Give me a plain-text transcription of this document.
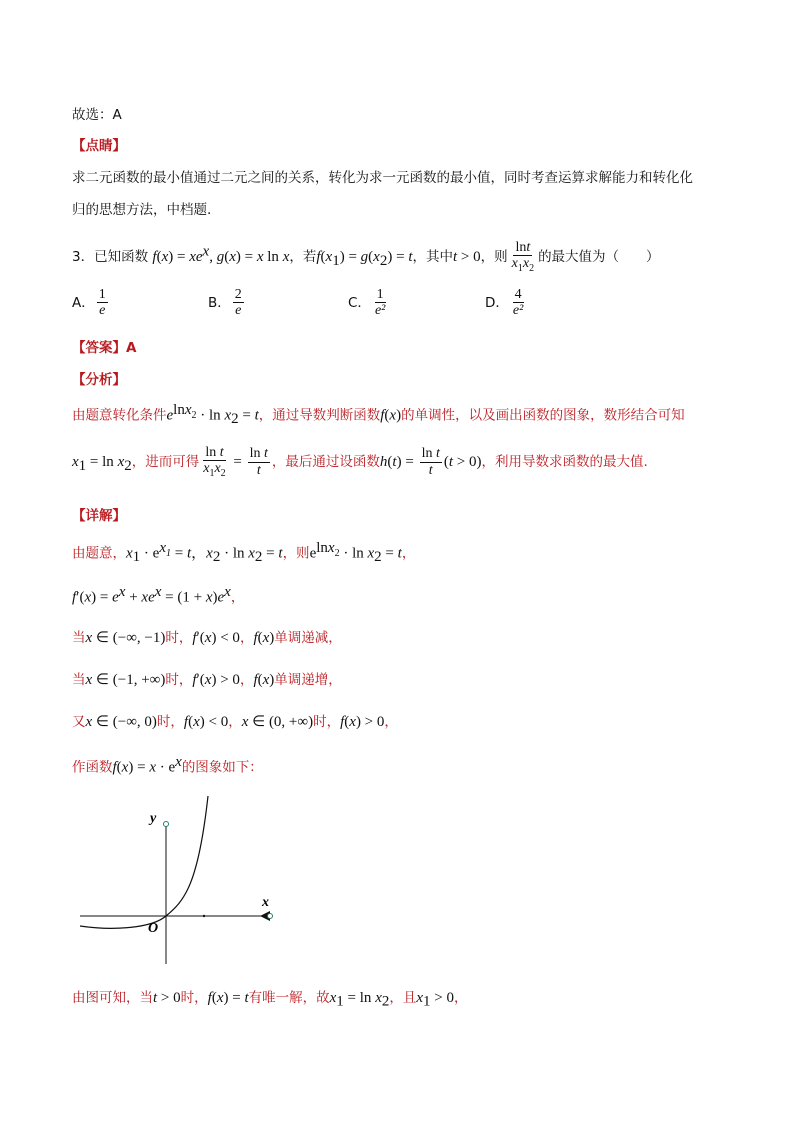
故选：A
【点睛】
求二元函数的最小值通过二元之间的关系，转化为求一元函数的最小值，同时考查运算求解能力和转化化
归的思想方法，中档题.
3．已知函数 $f(x) = xe^x$, g(x) = x ln x，若$f(x_1) = g(x_2) = t$，其中t > 0，则 $\frac{\ln t}{x_1x_2}$ 的最大值为（　　）
A． $\frac{1}{e}$	B． $\frac{2}{e}$	C． $\frac{1}{\text{e²}}$	D． $\frac{4}{\text{e²}}$
【答案】A
【分析】
由题意转化条件$e^{lnx_2} \cdot \ln x_2 = t$，通过导数判断函数f(x)的单调性，以及画出函数的图象，数形结合可知
$x_1 = \ln x_2$，进而可得 $\frac{\text{ln t}}{x_1x_2} = \frac{\text{ln t}}{t}$ ，最后通过设函数$h(t) = \frac{\text{ln t}}{t} (t > 0)$，利用导数求函数的最大值.
【详解】
由题意，$x_1 \cdot e^{x_1} = t$，$x_2 \cdot \ln x_2 = t$，则$e^{lnx_2} \cdot \ln x_2 = t$，
$f'(x) = e^x + xe^x = (1 + x)e^x$，
当x ∈ (−∞, −1)时，f′(x) < 0，f(x)单调递减，
当x ∈ (−1, +∞)时，f′(x) > 0，f(x)单调递增，
又x ∈ (−∞, 0)时，f(x) < 0，x ∈ (0, +∞)时，f(x) > 0，
作函数$f(x) = x \cdot e^x$的图象如下：
x
y
O
由图可知，当t > 0时，f(x) = t有唯一解，故$x_1 = \ln x_2$，且$x_1 > 0$，
